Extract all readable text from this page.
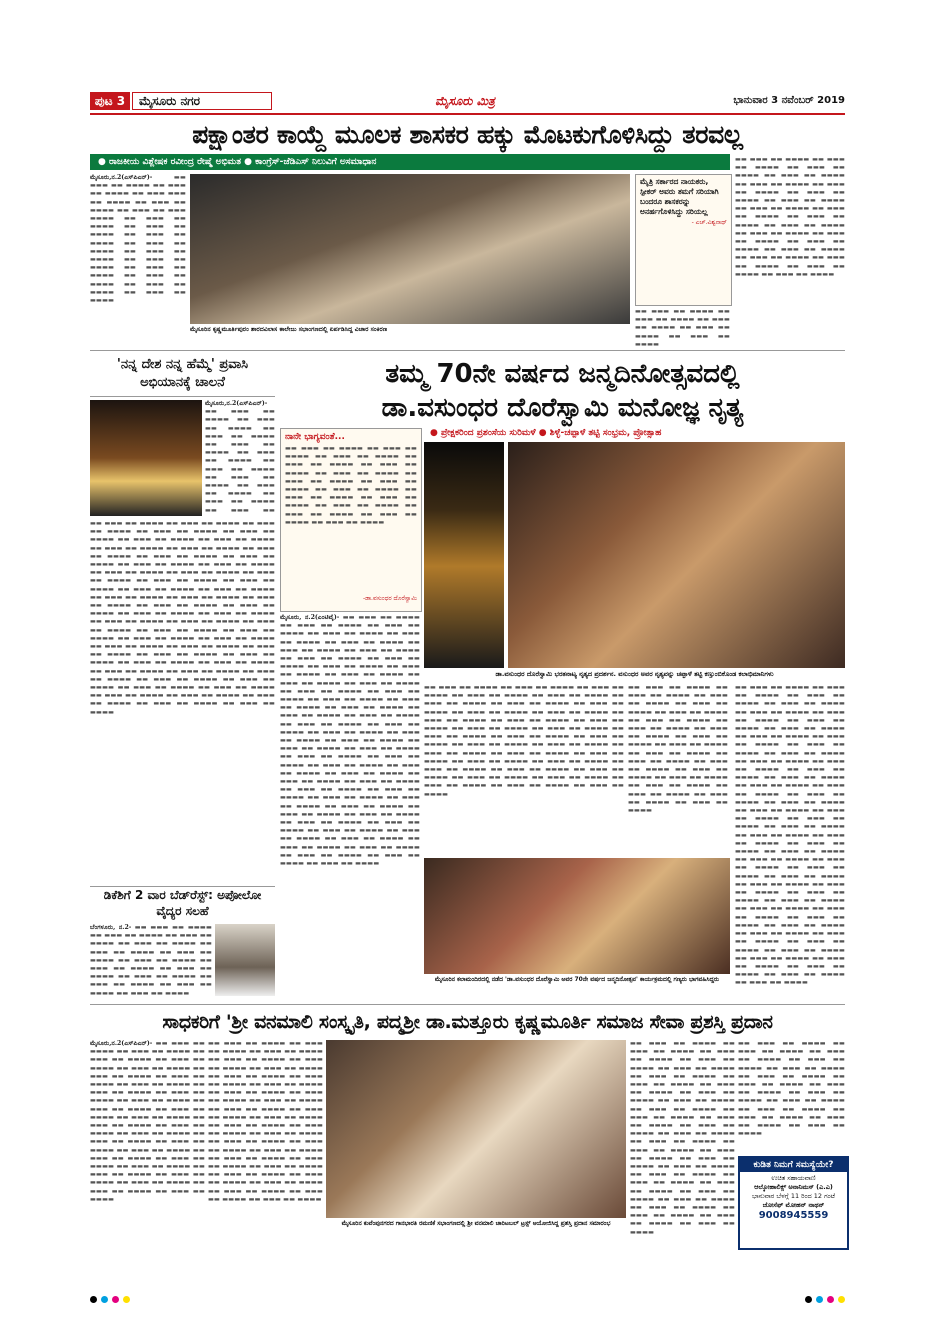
ಪುಟ 3	ಮೈಸೂರು ನಗರ	ಮೈಸೂರು ಮಿತ್ರ	ಭಾನುವಾರ 3 ನವೆಂಬರ್ 2019
ಪಕ್ಷಾಂತರ ಕಾಯ್ದೆ ಮೂಲಕ ಶಾಸಕರ ಹಕ್ಕು ಮೊಟಕುಗೊಳಿಸಿದ್ದು ತರವಲ್ಲ
● ರಾಜಕೀಯ ವಿಶ್ಲೇಷಕ ರವೀಂದ್ರ ರೇಷ್ಮೆ ಅಭಿಮತ ● ಕಾಂಗ್ರೆಸ್-ಜೆಡಿಎಸ್ ನಿಲುವಿಗೆ ಅಸಮಾಧಾನ
ಮೈಸೂರು,ನ.2(ಎಸ್‌ಪಿಎನ್)-	▬▬ ▬▬▬ ▬▬ ▬▬▬▬ ▬▬ ▬▬▬ ▬▬ ▬▬▬▬ ▬▬ ▬▬▬ ▬▬▬ ▬▬ ▬▬▬▬ ▬▬ ▬▬▬ ▬▬ ▬▬▬▬ ▬▬ ▬▬▬ ▬▬ ▬▬▬ ▬▬▬▬ ▬▬ ▬▬▬ ▬▬ ▬▬▬▬ ▬▬ ▬▬▬ ▬▬ ▬▬▬▬ ▬▬ ▬▬▬ ▬▬ ▬▬▬▬ ▬▬ ▬▬▬ ▬▬ ▬▬▬▬ ▬▬ ▬▬▬ ▬▬ ▬▬▬▬ ▬▬ ▬▬▬ ▬▬ ▬▬▬▬ ▬▬ ▬▬▬ ▬▬ ▬▬▬▬ ▬▬ ▬▬▬ ▬▬ ▬▬▬▬ ▬▬ ▬▬▬ ▬▬ ▬▬▬▬ ▬▬ ▬▬▬ ▬▬ ▬▬▬▬
ಮೈಸೂರಿನ ಕೃಷ್ಣಮೂರ್ತಿಪುರಂ ಶಾರದವಿಲಾಸ ಕಾಲೇಜು ಸಭಾಂಗಣದಲ್ಲಿ ಏರ್ಪಡಿಸಿದ್ದ ವಿಚಾರ ಸಂಕಿರಣ
ಮೈತ್ರಿ ಸರ್ಕಾರದ ನಾಯಕರು, ಸ್ಪೀಕರ್ ಅವರು ತಮಗೆ ಸರಿಯಾಗಿ ಬಂದರೂ ಶಾಸಕರನ್ನು ಅನರ್ಹಗೊಳಿಸಿದ್ದು ಸರಿಯಲ್ಲ
- ಎಚ್.ವಿಶ್ವನಾಥ್
▬▬ ▬▬▬ ▬▬ ▬▬▬▬ ▬▬ ▬▬▬ ▬▬ ▬▬▬▬ ▬▬ ▬▬▬ ▬▬ ▬▬▬▬ ▬▬ ▬▬▬ ▬▬ ▬▬▬▬ ▬▬ ▬▬▬ ▬▬ ▬▬▬▬
▬▬ ▬▬▬ ▬▬ ▬▬▬▬ ▬▬ ▬▬▬ ▬▬ ▬▬▬▬ ▬▬ ▬▬▬ ▬▬ ▬▬▬▬ ▬▬ ▬▬▬ ▬▬ ▬▬▬▬ ▬▬ ▬▬▬ ▬▬ ▬▬▬▬ ▬▬ ▬▬▬ ▬▬ ▬▬▬▬ ▬▬ ▬▬▬ ▬▬ ▬▬▬▬ ▬▬ ▬▬▬ ▬▬ ▬▬▬▬ ▬▬ ▬▬▬ ▬▬ ▬▬▬▬ ▬▬ ▬▬▬ ▬▬ ▬▬▬▬ ▬▬ ▬▬▬ ▬▬ ▬▬▬▬ ▬▬ ▬▬▬ ▬▬ ▬▬▬▬ ▬▬ ▬▬▬ ▬▬ ▬▬▬▬ ▬▬ ▬▬▬ ▬▬ ▬▬▬▬ ▬▬ ▬▬▬ ▬▬ ▬▬▬▬ ▬▬ ▬▬▬ ▬▬ ▬▬▬▬ ▬▬ ▬▬▬ ▬▬ ▬▬▬▬ ▬▬ ▬▬▬ ▬▬ ▬▬▬▬ ▬▬ ▬▬▬ ▬▬ ▬▬▬▬ ▬▬ ▬▬▬ ▬▬ ▬▬▬▬
'ನನ್ನ ದೇಶ ನನ್ನ ಹೆಮ್ಮೆ' ಪ್ರವಾಸಿ ಅಭಿಯಾನಕ್ಕೆ ಚಾಲನೆ
ಮೈಸೂರು,ನ.2(ಎಸ್‌ಪಿಎನ್)- ▬▬ ▬▬▬ ▬▬ ▬▬▬▬ ▬▬ ▬▬▬ ▬▬ ▬▬▬▬ ▬▬ ▬▬▬ ▬▬ ▬▬▬▬ ▬▬ ▬▬▬ ▬▬ ▬▬▬▬ ▬▬ ▬▬▬ ▬▬ ▬▬▬▬ ▬▬ ▬▬▬ ▬▬ ▬▬▬▬ ▬▬ ▬▬▬ ▬▬ ▬▬▬▬ ▬▬ ▬▬▬ ▬▬ ▬▬▬▬ ▬▬ ▬▬▬ ▬▬ ▬▬▬▬ ▬▬ ▬▬▬ ▬▬
▬▬ ▬▬▬ ▬▬ ▬▬▬▬ ▬▬ ▬▬▬ ▬▬ ▬▬▬▬ ▬▬ ▬▬▬ ▬▬ ▬▬▬▬ ▬▬ ▬▬▬ ▬▬ ▬▬▬▬ ▬▬ ▬▬▬ ▬▬ ▬▬▬▬ ▬▬ ▬▬▬ ▬▬ ▬▬▬▬ ▬▬ ▬▬▬ ▬▬ ▬▬▬▬ ▬▬ ▬▬▬ ▬▬ ▬▬▬▬ ▬▬ ▬▬▬ ▬▬ ▬▬▬▬ ▬▬ ▬▬▬ ▬▬ ▬▬▬▬ ▬▬ ▬▬▬ ▬▬ ▬▬▬▬ ▬▬ ▬▬▬ ▬▬ ▬▬▬▬ ▬▬ ▬▬▬ ▬▬ ▬▬▬▬ ▬▬ ▬▬▬ ▬▬ ▬▬▬▬ ▬▬ ▬▬▬ ▬▬ ▬▬▬▬ ▬▬ ▬▬▬ ▬▬ ▬▬▬▬ ▬▬ ▬▬▬ ▬▬ ▬▬▬▬ ▬▬ ▬▬▬ ▬▬ ▬▬▬▬ ▬▬ ▬▬▬ ▬▬ ▬▬▬▬ ▬▬ ▬▬▬ ▬▬ ▬▬▬▬ ▬▬ ▬▬▬ ▬▬ ▬▬▬▬ ▬▬ ▬▬▬ ▬▬ ▬▬▬▬ ▬▬ ▬▬▬ ▬▬ ▬▬▬▬ ▬▬ ▬▬▬ ▬▬ ▬▬▬▬ ▬▬ ▬▬▬ ▬▬ ▬▬▬▬ ▬▬ ▬▬▬ ▬▬ ▬▬▬▬ ▬▬ ▬▬▬ ▬▬ ▬▬▬▬ ▬▬ ▬▬▬ ▬▬ ▬▬▬▬ ▬▬ ▬▬▬ ▬▬ ▬▬▬▬ ▬▬ ▬▬▬ ▬▬ ▬▬▬▬ ▬▬ ▬▬▬ ▬▬ ▬▬▬▬ ▬▬ ▬▬▬ ▬▬ ▬▬▬▬ ▬▬ ▬▬▬ ▬▬ ▬▬▬▬ ▬▬ ▬▬▬ ▬▬ ▬▬▬▬ ▬▬ ▬▬▬ ▬▬ ▬▬▬▬ ▬▬ ▬▬▬ ▬▬ ▬▬▬▬ ▬▬ ▬▬▬ ▬▬ ▬▬▬▬ ▬▬ ▬▬▬ ▬▬ ▬▬▬▬ ▬▬ ▬▬▬ ▬▬ ▬▬▬▬ ▬▬ ▬▬▬ ▬▬ ▬▬▬▬ ▬▬ ▬▬▬ ▬▬ ▬▬▬▬ ▬▬ ▬▬▬ ▬▬ ▬▬▬▬ ▬▬ ▬▬▬ ▬▬ ▬▬▬▬ ▬▬ ▬▬▬ ▬▬ ▬▬▬▬ ▬▬ ▬▬▬ ▬▬ ▬▬▬▬ ▬▬ ▬▬▬ ▬▬ ▬▬▬▬ ▬▬ ▬▬▬ ▬▬ ▬▬▬▬ ▬▬ ▬▬▬ ▬▬ ▬▬▬▬ ▬▬ ▬▬▬ ▬▬ ▬▬▬▬ ▬▬ ▬▬▬ ▬▬ ▬▬▬▬ ▬▬ ▬▬▬ ▬▬ ▬▬▬▬ ▬▬ ▬▬▬ ▬▬ ▬▬▬▬ ▬▬ ▬▬▬ ▬▬ ▬▬▬▬ ▬▬ ▬▬▬ ▬▬ ▬▬▬▬
ಡಿಕೆಶಿಗೆ 2 ವಾರ ಬೆಡ್‌ರೆಸ್ಟ್: ಅಪೋಲೋ ವೈದ್ಯರ ಸಲಹೆ
ಬೆಂಗಳೂರು, ನ.2- ▬▬ ▬▬▬ ▬▬ ▬▬▬▬ ▬▬ ▬▬▬ ▬▬ ▬▬▬▬ ▬▬ ▬▬▬ ▬▬ ▬▬▬▬ ▬▬ ▬▬▬ ▬▬ ▬▬▬▬ ▬▬ ▬▬▬ ▬▬ ▬▬▬▬ ▬▬ ▬▬▬ ▬▬ ▬▬▬▬ ▬▬ ▬▬▬ ▬▬ ▬▬▬▬ ▬▬ ▬▬▬ ▬▬ ▬▬▬▬ ▬▬ ▬▬▬ ▬▬ ▬▬▬▬ ▬▬ ▬▬▬ ▬▬ ▬▬▬▬ ▬▬ ▬▬▬ ▬▬ ▬▬▬▬ ▬▬ ▬▬▬ ▬▬ ▬▬▬▬ ▬▬ ▬▬▬ ▬▬ ▬▬▬▬
ತಮ್ಮ 70ನೇ ವರ್ಷದ ಜನ್ಮದಿನೋತ್ಸವದಲ್ಲಿ
ಡಾ.ವಸುಂಧರ ದೊರೆಸ್ವಾಮಿ ಮನೋಜ್ಞ ನೃತ್ಯ
● ಪ್ರೇಕ್ಷಕರಿಂದ ಪ್ರಶಂಸೆಯ ಸುರಿಮಳೆ ● ಶಿಳ್ಳೆ-ಚಪ್ಪಾಳೆ ತಟ್ಟಿ ಸಂಭ್ರಮ, ಪ್ರೋತ್ಸಾಹ
ನಾನೇ ಭಾಗ್ಯವಂತೆ...
▬▬ ▬▬▬ ▬▬ ▬▬▬▬ ▬▬ ▬▬▬ ▬▬ ▬▬▬▬ ▬▬ ▬▬▬ ▬▬ ▬▬▬▬ ▬▬ ▬▬▬ ▬▬ ▬▬▬▬ ▬▬ ▬▬▬ ▬▬ ▬▬▬▬ ▬▬ ▬▬▬ ▬▬ ▬▬▬▬ ▬▬ ▬▬▬ ▬▬ ▬▬▬▬ ▬▬ ▬▬▬ ▬▬ ▬▬▬▬ ▬▬ ▬▬▬ ▬▬ ▬▬▬▬ ▬▬ ▬▬▬ ▬▬ ▬▬▬▬ ▬▬ ▬▬▬ ▬▬ ▬▬▬▬ ▬▬ ▬▬▬ ▬▬ ▬▬▬▬ ▬▬ ▬▬▬ ▬▬ ▬▬▬▬ ▬▬ ▬▬▬ ▬▬ ▬▬▬▬ ▬▬ ▬▬▬ ▬▬ ▬▬▬▬
-ಡಾ.ವಸುಂಧರ ದೊರೆಸ್ವಾಮಿ
ಡಾ.ವಸುಂಧರ ದೊರೆಸ್ವಾಮಿ ಭರತನಾಟ್ಯ ನೃತ್ಯದ ಪ್ರದರ್ಶನ. ವಸುಂಧರ ಅವರ ನೃತ್ಯವನ್ನು ಚಪ್ಪಾಳೆ ತಟ್ಟಿ ಕಣ್ತುಂಬಿಕೊಂಡ ಕಲಾಭಿಮಾನಿಗಳು
ಮೈಸೂರು, ನ.2(ಎಂಟಿವೈ)- ▬▬ ▬▬▬ ▬▬ ▬▬▬▬ ▬▬ ▬▬▬ ▬▬ ▬▬▬▬ ▬▬ ▬▬▬ ▬▬ ▬▬▬▬ ▬▬ ▬▬▬ ▬▬ ▬▬▬▬ ▬▬ ▬▬▬ ▬▬ ▬▬▬▬ ▬▬ ▬▬▬ ▬▬ ▬▬▬▬ ▬▬ ▬▬▬ ▬▬ ▬▬▬▬ ▬▬ ▬▬▬ ▬▬ ▬▬▬▬ ▬▬ ▬▬▬ ▬▬ ▬▬▬▬ ▬▬ ▬▬▬ ▬▬ ▬▬▬▬ ▬▬ ▬▬▬ ▬▬ ▬▬▬▬ ▬▬ ▬▬▬ ▬▬ ▬▬▬▬ ▬▬ ▬▬▬ ▬▬ ▬▬▬▬ ▬▬ ▬▬▬ ▬▬ ▬▬▬▬ ▬▬ ▬▬▬ ▬▬ ▬▬▬▬ ▬▬ ▬▬▬ ▬▬ ▬▬▬▬ ▬▬ ▬▬▬ ▬▬ ▬▬▬▬ ▬▬ ▬▬▬ ▬▬ ▬▬▬▬ ▬▬ ▬▬▬ ▬▬ ▬▬▬▬ ▬▬ ▬▬▬ ▬▬ ▬▬▬▬ ▬▬ ▬▬▬ ▬▬ ▬▬▬▬ ▬▬ ▬▬▬ ▬▬ ▬▬▬▬ ▬▬ ▬▬▬ ▬▬ ▬▬▬▬ ▬▬ ▬▬▬ ▬▬ ▬▬▬▬ ▬▬ ▬▬▬ ▬▬ ▬▬▬▬ ▬▬ ▬▬▬ ▬▬ ▬▬▬▬ ▬▬ ▬▬▬ ▬▬ ▬▬▬▬ ▬▬ ▬▬▬ ▬▬ ▬▬▬▬ ▬▬ ▬▬▬ ▬▬ ▬▬▬▬ ▬▬ ▬▬▬ ▬▬ ▬▬▬▬ ▬▬ ▬▬▬ ▬▬ ▬▬▬▬ ▬▬ ▬▬▬ ▬▬ ▬▬▬▬ ▬▬ ▬▬▬ ▬▬ ▬▬▬▬ ▬▬ ▬▬▬ ▬▬ ▬▬▬▬ ▬▬ ▬▬▬ ▬▬ ▬▬▬▬ ▬▬ ▬▬▬ ▬▬ ▬▬▬▬ ▬▬ ▬▬▬ ▬▬ ▬▬▬▬ ▬▬ ▬▬▬ ▬▬ ▬▬▬▬ ▬▬ ▬▬▬ ▬▬ ▬▬▬▬ ▬▬ ▬▬▬ ▬▬ ▬▬▬▬ ▬▬ ▬▬▬ ▬▬ ▬▬▬▬ ▬▬ ▬▬▬ ▬▬ ▬▬▬▬ ▬▬ ▬▬▬ ▬▬ ▬▬▬▬ ▬▬ ▬▬▬ ▬▬ ▬▬▬▬ ▬▬ ▬▬▬ ▬▬ ▬▬▬▬ ▬▬ ▬▬▬ ▬▬ ▬▬▬▬ ▬▬ ▬▬▬ ▬▬ ▬▬▬▬ ▬▬ ▬▬▬ ▬▬ ▬▬▬▬ ▬▬ ▬▬▬ ▬▬ ▬▬▬▬ ▬▬ ▬▬▬ ▬▬ ▬▬▬▬ ▬▬ ▬▬▬ ▬▬ ▬▬▬▬ ▬▬ ▬▬▬ ▬▬ ▬▬▬▬ ▬▬ ▬▬▬ ▬▬ ▬▬▬▬
▬▬ ▬▬▬ ▬▬ ▬▬▬▬ ▬▬ ▬▬▬ ▬▬ ▬▬▬▬ ▬▬ ▬▬▬ ▬▬ ▬▬▬▬ ▬▬ ▬▬▬ ▬▬ ▬▬▬▬ ▬▬ ▬▬▬ ▬▬ ▬▬▬▬ ▬▬ ▬▬▬ ▬▬ ▬▬▬▬ ▬▬ ▬▬▬ ▬▬ ▬▬▬▬ ▬▬ ▬▬▬ ▬▬ ▬▬▬▬ ▬▬ ▬▬▬ ▬▬ ▬▬▬▬ ▬▬ ▬▬▬ ▬▬ ▬▬▬▬ ▬▬ ▬▬▬ ▬▬ ▬▬▬▬ ▬▬ ▬▬▬ ▬▬ ▬▬▬▬ ▬▬ ▬▬▬ ▬▬ ▬▬▬▬ ▬▬ ▬▬▬ ▬▬ ▬▬▬▬ ▬▬ ▬▬▬ ▬▬ ▬▬▬▬ ▬▬ ▬▬▬ ▬▬ ▬▬▬▬ ▬▬ ▬▬▬ ▬▬ ▬▬▬▬ ▬▬ ▬▬▬ ▬▬ ▬▬▬▬ ▬▬ ▬▬▬ ▬▬ ▬▬▬▬ ▬▬ ▬▬▬ ▬▬ ▬▬▬▬ ▬▬ ▬▬▬ ▬▬ ▬▬▬▬ ▬▬ ▬▬▬ ▬▬ ▬▬▬▬ ▬▬ ▬▬▬ ▬▬ ▬▬▬▬ ▬▬ ▬▬▬ ▬▬ ▬▬▬▬ ▬▬ ▬▬▬ ▬▬ ▬▬▬▬ ▬▬ ▬▬▬ ▬▬ ▬▬▬▬ ▬▬ ▬▬▬ ▬▬ ▬▬▬▬ ▬▬ ▬▬▬ ▬▬ ▬▬▬▬ ▬▬ ▬▬▬ ▬▬ ▬▬▬▬ ▬▬ ▬▬▬ ▬▬ ▬▬▬▬ ▬▬ ▬▬▬ ▬▬ ▬▬▬▬ ▬▬ ▬▬▬ ▬▬ ▬▬▬▬ ▬▬ ▬▬▬ ▬▬ ▬▬▬▬
▬▬ ▬▬▬ ▬▬ ▬▬▬▬ ▬▬ ▬▬▬ ▬▬ ▬▬▬▬ ▬▬ ▬▬▬ ▬▬ ▬▬▬▬ ▬▬ ▬▬▬ ▬▬ ▬▬▬▬ ▬▬ ▬▬▬ ▬▬ ▬▬▬▬ ▬▬ ▬▬▬ ▬▬ ▬▬▬▬ ▬▬ ▬▬▬ ▬▬ ▬▬▬▬ ▬▬ ▬▬▬ ▬▬ ▬▬▬▬ ▬▬ ▬▬▬ ▬▬ ▬▬▬▬ ▬▬ ▬▬▬ ▬▬ ▬▬▬▬ ▬▬ ▬▬▬ ▬▬ ▬▬▬▬ ▬▬ ▬▬▬ ▬▬ ▬▬▬▬ ▬▬ ▬▬▬ ▬▬ ▬▬▬▬ ▬▬ ▬▬▬ ▬▬ ▬▬▬▬ ▬▬ ▬▬▬ ▬▬ ▬▬▬▬ ▬▬ ▬▬▬ ▬▬ ▬▬▬▬ ▬▬ ▬▬▬ ▬▬ ▬▬▬▬ ▬▬ ▬▬▬ ▬▬ ▬▬▬▬ ▬▬ ▬▬▬ ▬▬ ▬▬▬▬
▬▬ ▬▬▬ ▬▬ ▬▬▬▬ ▬▬ ▬▬▬ ▬▬ ▬▬▬▬ ▬▬ ▬▬▬ ▬▬ ▬▬▬▬ ▬▬ ▬▬▬ ▬▬ ▬▬▬▬ ▬▬ ▬▬▬ ▬▬ ▬▬▬▬ ▬▬ ▬▬▬ ▬▬ ▬▬▬▬ ▬▬ ▬▬▬ ▬▬ ▬▬▬▬ ▬▬ ▬▬▬ ▬▬ ▬▬▬▬ ▬▬ ▬▬▬ ▬▬ ▬▬▬▬ ▬▬ ▬▬▬ ▬▬ ▬▬▬▬ ▬▬ ▬▬▬ ▬▬ ▬▬▬▬ ▬▬ ▬▬▬ ▬▬ ▬▬▬▬ ▬▬ ▬▬▬ ▬▬ ▬▬▬▬ ▬▬ ▬▬▬ ▬▬ ▬▬▬▬ ▬▬ ▬▬▬ ▬▬ ▬▬▬▬ ▬▬ ▬▬▬ ▬▬ ▬▬▬▬ ▬▬ ▬▬▬ ▬▬ ▬▬▬▬ ▬▬ ▬▬▬ ▬▬ ▬▬▬▬ ▬▬ ▬▬▬ ▬▬ ▬▬▬▬ ▬▬ ▬▬▬ ▬▬ ▬▬▬▬ ▬▬ ▬▬▬ ▬▬ ▬▬▬▬ ▬▬ ▬▬▬ ▬▬ ▬▬▬▬ ▬▬ ▬▬▬ ▬▬ ▬▬▬▬ ▬▬ ▬▬▬ ▬▬ ▬▬▬▬ ▬▬ ▬▬▬ ▬▬ ▬▬▬▬ ▬▬ ▬▬▬ ▬▬ ▬▬▬▬ ▬▬ ▬▬▬ ▬▬ ▬▬▬▬ ▬▬ ▬▬▬ ▬▬ ▬▬▬▬ ▬▬ ▬▬▬ ▬▬ ▬▬▬▬ ▬▬ ▬▬▬ ▬▬ ▬▬▬▬ ▬▬ ▬▬▬ ▬▬ ▬▬▬▬ ▬▬ ▬▬▬ ▬▬ ▬▬▬▬ ▬▬ ▬▬▬ ▬▬ ▬▬▬▬ ▬▬ ▬▬▬ ▬▬ ▬▬▬▬ ▬▬ ▬▬▬ ▬▬ ▬▬▬▬ ▬▬ ▬▬▬ ▬▬ ▬▬▬▬ ▬▬ ▬▬▬ ▬▬ ▬▬▬▬ ▬▬ ▬▬▬ ▬▬ ▬▬▬▬ ▬▬ ▬▬▬ ▬▬ ▬▬▬▬ ▬▬ ▬▬▬ ▬▬ ▬▬▬▬ ▬▬ ▬▬▬ ▬▬ ▬▬▬▬ ▬▬ ▬▬▬ ▬▬ ▬▬▬▬ ▬▬ ▬▬▬ ▬▬ ▬▬▬▬ ▬▬ ▬▬▬ ▬▬ ▬▬▬▬ ▬▬ ▬▬▬ ▬▬ ▬▬▬▬ ▬▬ ▬▬▬ ▬▬ ▬▬▬▬ ▬▬ ▬▬▬ ▬▬ ▬▬▬▬ ▬▬ ▬▬▬ ▬▬ ▬▬▬▬ ▬▬ ▬▬▬ ▬▬ ▬▬▬▬
ಮೈಸೂರಿನ ಕಲಾಮಂದಿರದಲ್ಲಿ ನಡೆದ 'ಡಾ.ವಸುಂಧರ ದೊರೆಸ್ವಾಮಿ ಅವರ 70ನೇ ವರ್ಷದ ಜನ್ಮದಿನೋತ್ಸವ' ಕಾರ್ಯಕ್ರಮದಲ್ಲಿ ಗಣ್ಯರು ಭಾಗವಹಿಸಿದ್ದರು
ಸಾಧಕರಿಗೆ 'ಶ್ರೀ ವನಮಾಲಿ ಸಂಸ್ಕೃತಿ, ಪದ್ಮಶ್ರೀ ಡಾ.ಮತ್ತೂರು ಕೃಷ್ಣಮೂರ್ತಿ ಸಮಾಜ ಸೇವಾ ಪ್ರಶಸ್ತಿ ಪ್ರದಾನ
ಮೈಸೂರು,ನ.2(ಎಸ್‌ಪಿಎನ್)- ▬▬ ▬▬▬ ▬▬ ▬▬▬▬ ▬▬ ▬▬▬ ▬▬ ▬▬▬▬ ▬▬ ▬▬▬ ▬▬ ▬▬▬▬ ▬▬ ▬▬▬ ▬▬ ▬▬▬▬ ▬▬ ▬▬▬ ▬▬ ▬▬▬▬ ▬▬ ▬▬▬ ▬▬ ▬▬▬▬ ▬▬ ▬▬▬ ▬▬ ▬▬▬▬ ▬▬ ▬▬▬ ▬▬ ▬▬▬▬ ▬▬ ▬▬▬ ▬▬ ▬▬▬▬ ▬▬ ▬▬▬ ▬▬ ▬▬▬▬ ▬▬ ▬▬▬ ▬▬ ▬▬▬▬ ▬▬ ▬▬▬ ▬▬ ▬▬▬▬ ▬▬ ▬▬▬ ▬▬ ▬▬▬▬ ▬▬ ▬▬▬ ▬▬ ▬▬▬▬ ▬▬ ▬▬▬ ▬▬ ▬▬▬▬ ▬▬ ▬▬▬ ▬▬ ▬▬▬▬ ▬▬ ▬▬▬ ▬▬ ▬▬▬▬ ▬▬ ▬▬▬ ▬▬ ▬▬▬▬ ▬▬ ▬▬▬ ▬▬ ▬▬▬▬ ▬▬ ▬▬▬ ▬▬ ▬▬▬▬ ▬▬ ▬▬▬ ▬▬ ▬▬▬▬ ▬▬ ▬▬▬ ▬▬ ▬▬▬▬ ▬▬ ▬▬▬ ▬▬ ▬▬▬▬ ▬▬ ▬▬▬ ▬▬ ▬▬▬▬ ▬▬ ▬▬▬ ▬▬ ▬▬▬▬ ▬▬ ▬▬▬ ▬▬ ▬▬▬▬ ▬▬ ▬▬▬ ▬▬ ▬▬▬▬ ▬▬ ▬▬▬ ▬▬ ▬▬▬▬
▬▬ ▬▬▬ ▬▬ ▬▬▬▬ ▬▬ ▬▬▬ ▬▬ ▬▬▬▬ ▬▬ ▬▬▬ ▬▬ ▬▬▬▬ ▬▬ ▬▬▬ ▬▬ ▬▬▬▬ ▬▬ ▬▬▬ ▬▬ ▬▬▬▬ ▬▬ ▬▬▬ ▬▬ ▬▬▬▬ ▬▬ ▬▬▬ ▬▬ ▬▬▬▬ ▬▬ ▬▬▬ ▬▬ ▬▬▬▬ ▬▬ ▬▬▬ ▬▬ ▬▬▬▬ ▬▬ ▬▬▬ ▬▬ ▬▬▬▬ ▬▬ ▬▬▬ ▬▬ ▬▬▬▬ ▬▬ ▬▬▬ ▬▬ ▬▬▬▬ ▬▬ ▬▬▬ ▬▬ ▬▬▬▬ ▬▬ ▬▬▬ ▬▬ ▬▬▬▬ ▬▬ ▬▬▬ ▬▬ ▬▬▬▬ ▬▬ ▬▬▬ ▬▬ ▬▬▬▬ ▬▬ ▬▬▬ ▬▬ ▬▬▬▬ ▬▬ ▬▬▬ ▬▬ ▬▬▬▬ ▬▬ ▬▬▬ ▬▬ ▬▬▬▬ ▬▬ ▬▬▬ ▬▬ ▬▬▬▬ ▬▬ ▬▬▬ ▬▬ ▬▬▬▬ ▬▬ ▬▬▬ ▬▬ ▬▬▬▬ ▬▬ ▬▬▬ ▬▬ ▬▬▬▬ ▬▬ ▬▬▬ ▬▬ ▬▬▬▬ ▬▬ ▬▬▬ ▬▬ ▬▬▬▬ ▬▬ ▬▬▬ ▬▬ ▬▬▬▬ ▬▬ ▬▬▬ ▬▬ ▬▬▬▬ ▬▬ ▬▬▬ ▬▬ ▬▬▬▬ ▬▬ ▬▬▬ ▬▬ ▬▬▬▬ ▬▬ ▬▬▬ ▬▬ ▬▬▬▬
ಮೈಸೂರಿನ ಕುವೆಂಪುನಗರದ ಗಾನಭಾರತಿ ರಮಣಿಕೆ ಸಭಾಂಗಣದಲ್ಲಿ ಶ್ರೀ ವನಮಾಲಿ ಚಾರಿಟಬಲ್ ಟ್ರಸ್ಟ್ ಆಯೋಜಿಸಿದ್ದ ಪ್ರಶಸ್ತಿ ಪ್ರದಾನ ಸಮಾರಂಭ
▬▬ ▬▬▬ ▬▬ ▬▬▬▬ ▬▬ ▬▬▬ ▬▬ ▬▬▬▬ ▬▬ ▬▬▬ ▬▬ ▬▬▬▬ ▬▬ ▬▬▬ ▬▬ ▬▬▬▬ ▬▬ ▬▬▬ ▬▬ ▬▬▬▬ ▬▬ ▬▬▬ ▬▬ ▬▬▬▬ ▬▬ ▬▬▬ ▬▬ ▬▬▬▬ ▬▬ ▬▬▬ ▬▬ ▬▬▬▬ ▬▬ ▬▬▬ ▬▬ ▬▬▬▬ ▬▬ ▬▬▬ ▬▬ ▬▬▬▬ ▬▬ ▬▬▬ ▬▬ ▬▬▬▬ ▬▬ ▬▬▬ ▬▬ ▬▬▬▬ ▬▬ ▬▬▬ ▬▬ ▬▬▬▬ ▬▬ ▬▬▬ ▬▬ ▬▬▬▬ ▬▬ ▬▬▬ ▬▬ ▬▬▬▬ ▬▬ ▬▬▬ ▬▬ ▬▬▬▬ ▬▬ ▬▬▬ ▬▬ ▬▬▬▬ ▬▬ ▬▬▬ ▬▬ ▬▬▬▬ ▬▬ ▬▬▬ ▬▬ ▬▬▬▬ ▬▬ ▬▬▬ ▬▬ ▬▬▬▬ ▬▬ ▬▬▬ ▬▬ ▬▬▬▬ ▬▬ ▬▬▬ ▬▬ ▬▬▬▬ ▬▬ ▬▬▬ ▬▬ ▬▬▬▬ ▬▬ ▬▬▬ ▬▬ ▬▬▬▬ ▬▬ ▬▬▬ ▬▬ ▬▬▬▬ ▬▬ ▬▬▬ ▬▬ ▬▬▬▬ ▬▬ ▬▬▬ ▬▬ ▬▬▬▬ ▬▬ ▬▬▬ ▬▬ ▬▬▬▬ ▬▬ ▬▬▬ ▬▬ ▬▬▬▬
▬▬ ▬▬▬ ▬▬ ▬▬▬▬ ▬▬ ▬▬▬ ▬▬ ▬▬▬▬ ▬▬ ▬▬▬ ▬▬ ▬▬▬▬ ▬▬ ▬▬▬ ▬▬ ▬▬▬▬ ▬▬ ▬▬▬ ▬▬ ▬▬▬▬ ▬▬ ▬▬▬ ▬▬ ▬▬▬▬ ▬▬ ▬▬▬ ▬▬ ▬▬▬▬ ▬▬ ▬▬▬ ▬▬ ▬▬▬▬ ▬▬ ▬▬▬ ▬▬ ▬▬▬▬ ▬▬ ▬▬▬ ▬▬ ▬▬▬▬ ▬▬ ▬▬▬ ▬▬ ▬▬▬▬ ▬▬ ▬▬▬ ▬▬ ▬▬▬▬ ▬▬ ▬▬▬ ▬▬ ▬▬▬▬ ▬▬ ▬▬▬ ▬▬ ▬▬▬▬
ಕುಡಿತ ನಿಮಗೆ ಸಮಸ್ಯೆಯೇ?
ಉಚಿತ ಸಹಾಯವಾಣಿ
ಆಲ್ಕೋಹಾಲಿಕ್ಸ್ ಅನಾನಿಮಸ್ (ಎ.ಎ)
ಭಾನುವಾರ ಬೆಳಗ್ಗೆ 11 ರಿಂದ 12 ಗಂಟೆ
ಜೋಸೆಫ್ ಮೋಹನ್ ನಾಥನ್
9008945559
